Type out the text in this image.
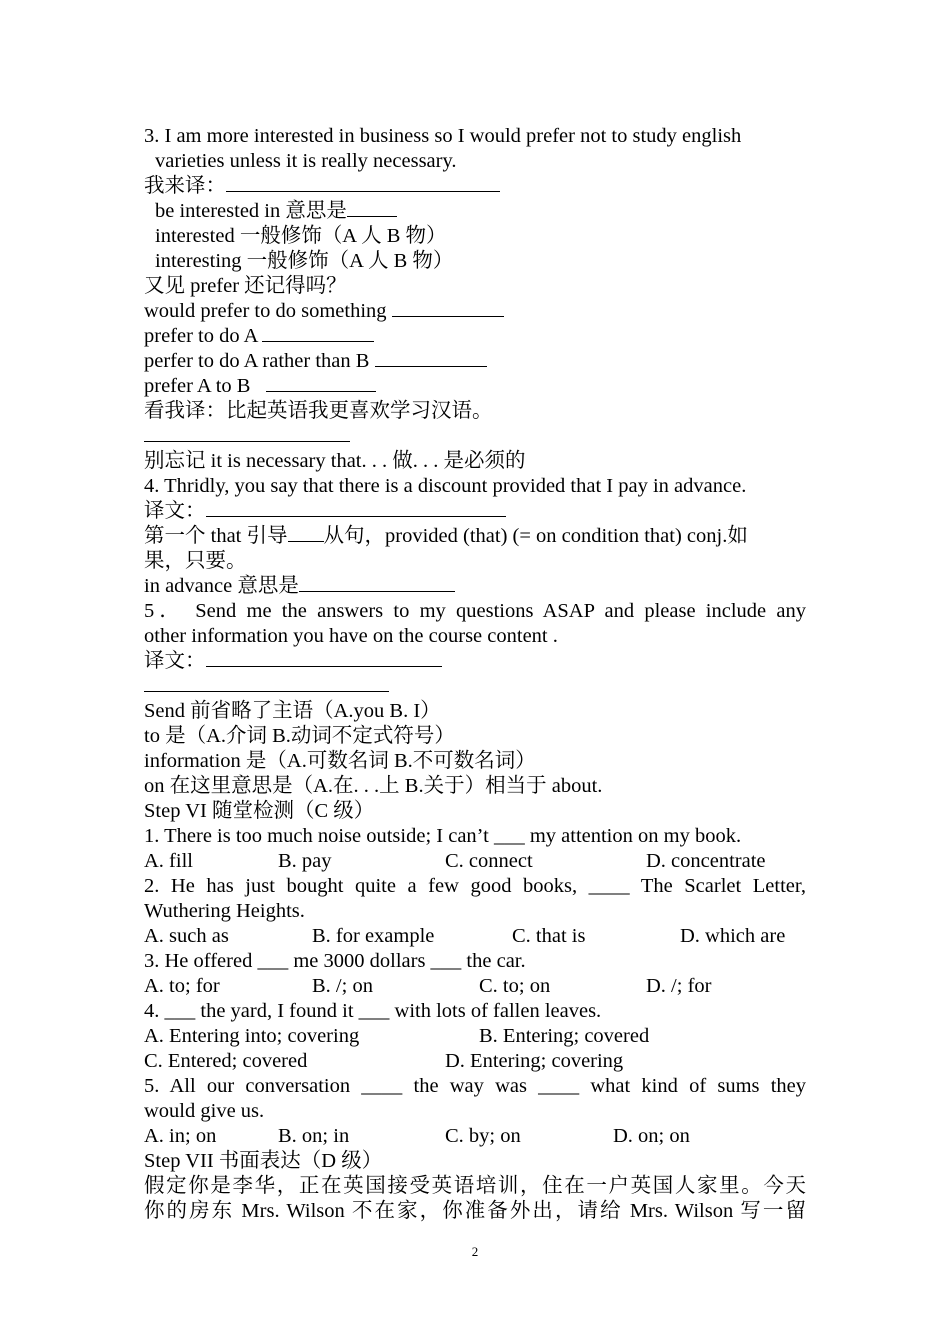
3. I am more interested in business so I would prefer not to study english
varieties unless it is really necessary.
我来译：
be interested in 意思是
interested 一般修饰（A 人 B 物）
interesting 一般修饰（A 人 B 物）
又见 prefer 还记得吗？
would prefer to do something
prefer to do A
perfer to do A rather than B
prefer A to B
看我译：比起英语我更喜欢学习汉语。
别忘记 it is necessary that. . . 做. . . 是必须的
4. Thridly, you say that there is a discount provided that I pay in advance.
译文：
第一个 that 引导 从句，provided (that) (= on condition that) conj.如
果，只要。
in advance 意思是
5． Send me the answers to my questions ASAP and please include any
other information you have on the course content .
译文：
Send 前省略了主语（A.you B. I）
to 是（A.介词 B.动词不定式符号）
information 是（A.可数名词 B.不可数名词）
on 在这里意思是（A.在. . .上 B.关于）相当于 about.
Step VI 随堂检测（C 级）
1. There is too much noise outside; I can’t ___ my attention on my book.
A. fill	B. pay	C. connect	D. concentrate
2. He has just bought quite a few good books, ____ The Scarlet Letter,
Wuthering Heights.
A. such as	B. for example	C. that is	D. which are
3. He offered ___ me 3000 dollars ___ the car.
A. to; for	B. /; on	C. to; on	D. /; for
4. ___ the yard, I found it ___ with lots of fallen leaves.
A. Entering into; covering	B. Entering; covered
C. Entered; covered	D. Entering; covering
5. All our conversation ____ the way was ____ what kind of sums they
would give us.
A. in; on	B. on; in	C. by; on	D. on; on
Step VII 书面表达（D 级）
假定你是李华，正在英国接受英语培训，住在一户英国人家里。今天
你的房东 Mrs. Wilson 不在家，你准备外出，请给 Mrs. Wilson 写一留
2
